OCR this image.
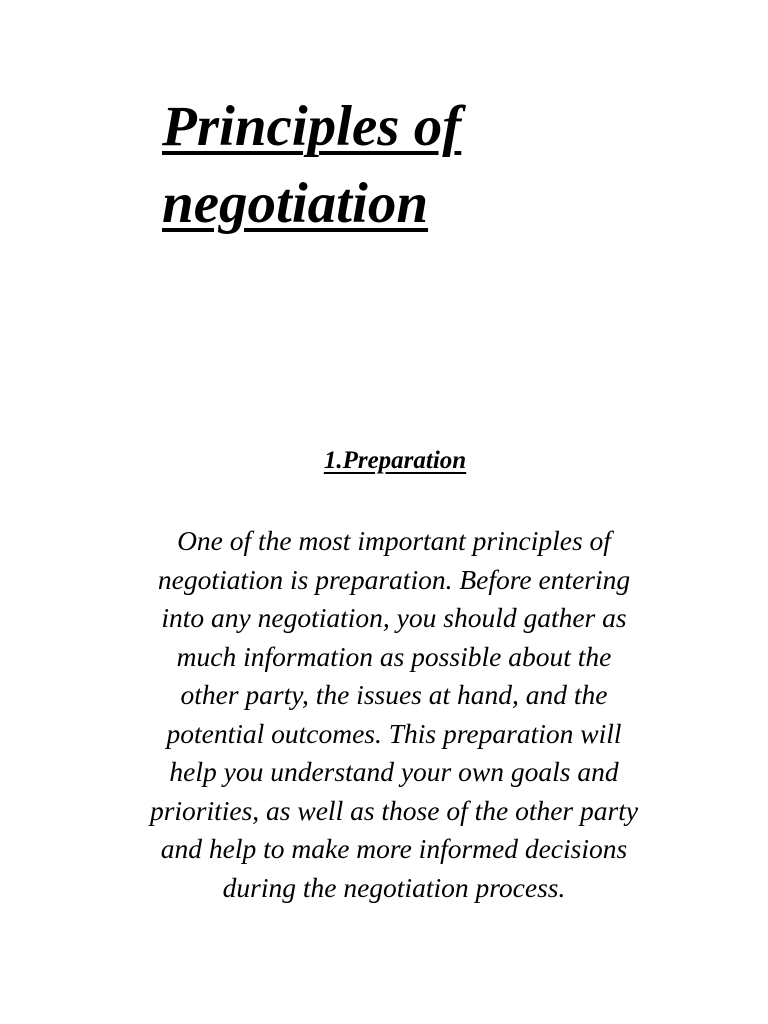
Principles of
negotiation
1.Preparation

One of the most important principles of
negotiation is preparation. Before entering
into any negotiation, you should gather as
much information as possible about the
other party, the issues at hand, and the
potential outcomes. This preparation will
help you understand your own goals and
priorities, as well as those of the other party
and help to make more informed decisions
during the negotiation process.
